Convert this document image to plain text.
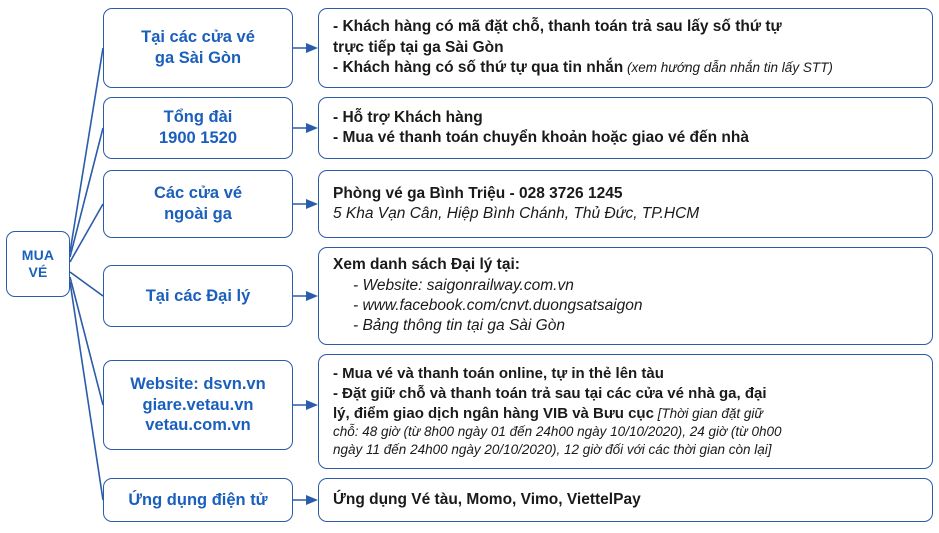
MUA
VÉ
Tại các cửa vé
ga Sài Gòn
- Khách hàng có mã đặt chỗ, thanh toán trả sau lấy số thứ tự
trực tiếp tại ga Sài Gòn
- Khách hàng có số thứ tự qua tin nhắn (xem hướng dẫn nhắn tin lấy STT)
Tổng đài
1900 1520
- Hỗ trợ Khách hàng
- Mua vé thanh toán chuyển khoản hoặc giao vé đến nhà
Các cửa vé
ngoài ga
Phòng vé ga Bình Triệu - 028 3726 1245
5 Kha Vạn Cân, Hiệp Bình Chánh, Thủ Đức, TP.HCM
Tại các Đại lý
Xem danh sách Đại lý tại:
- Website: saigonrailway.com.vn
- www.facebook.com/cnvt.duongsatsaigon
- Bảng thông tin tại ga Sài Gòn
Website: dsvn.vn
giare.vetau.vn
vetau.com.vn
- Mua vé và thanh toán online, tự in thẻ lên tàu
- Đặt giữ chỗ và thanh toán trả sau tại các cửa vé nhà ga, đại
lý, điểm giao dịch ngân hàng VIB và Bưu cục [Thời gian đặt giữ
chỗ: 48 giờ (từ 8h00 ngày 01 đến 24h00 ngày 10/10/2020), 24 giờ (từ 0h00
ngày 11 đến 24h00 ngày 20/10/2020), 12 giờ đối với các thời gian còn lại]
Ứng dụng điện tử	Ứng dụng Vé tàu, Momo, Vimo, ViettelPay
